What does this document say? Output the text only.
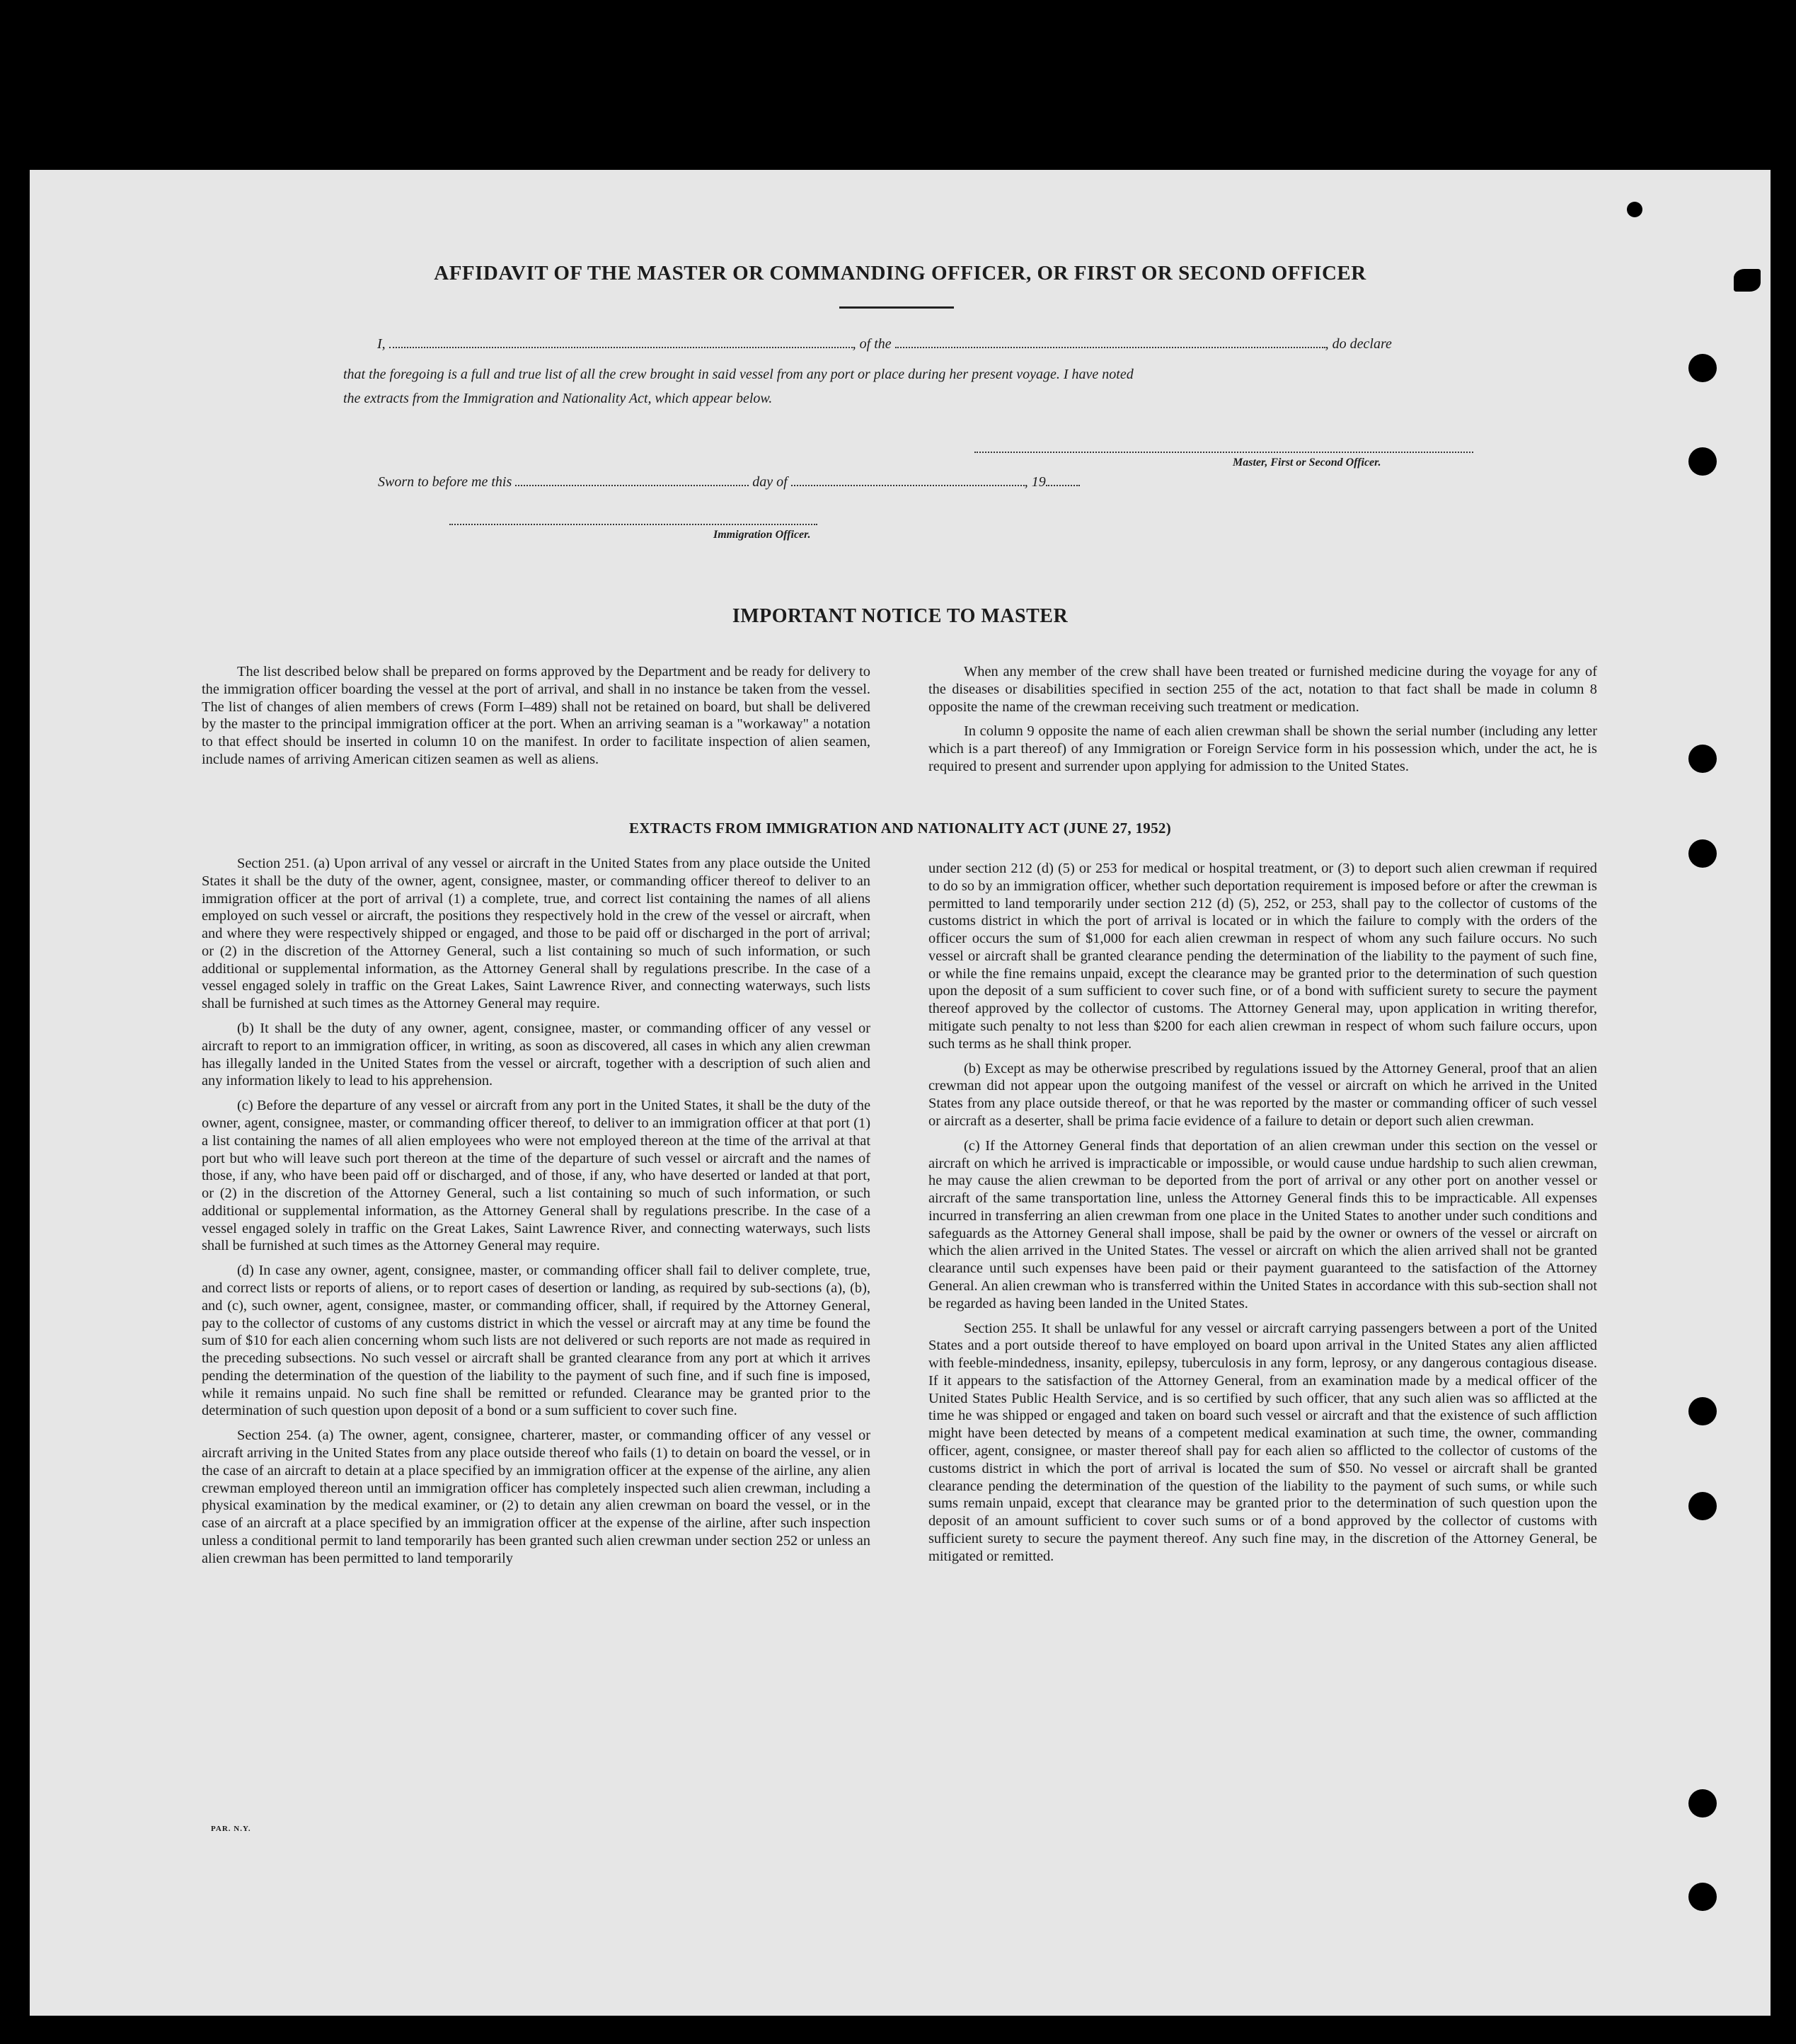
AFFIDAVIT OF THE MASTER OR COMMANDING OFFICER, OR FIRST OR SECOND OFFICER
I,	, of the	, do declare
that the foregoing is a full and true list of all the crew brought in said vessel from any port or place during her present voyage. I have noted
the extracts from the Immigration and Nationality Act, which appear below.
Master, First or Second Officer.
Sworn to before me this	day of	, 19
Immigration Officer.
IMPORTANT NOTICE TO MASTER

The list described below shall be prepared on forms approved by the Department and be ready for delivery to the immigration officer boarding the vessel at the port of arrival, and shall in no instance be taken from the vessel. The list of changes of alien members of crews (Form I–489) shall not be retained on board, but shall be delivered by the master to the principal immigration officer at the port. When an arriving seaman is a "workaway" a notation to that effect should be inserted in column 10 on the manifest. In order to facilitate inspection of alien seamen, include names of arriving American citizen seamen as well as aliens.

When any member of the crew shall have been treated or furnished medicine during the voyage for any of the diseases or disabilities specified in section 255 of the act, notation to that fact shall be made in column 8 opposite the name of the crewman receiving such treatment or medication.

In column 9 opposite the name of each alien crewman shall be shown the serial number (including any letter which is a part thereof) of any Immigration or Foreign Service form in his possession which, under the act, he is required to present and surrender upon applying for admission to the United States.

EXTRACTS FROM IMMIGRATION AND NATIONALITY ACT (JUNE 27, 1952)

Section 251. (a) Upon arrival of any vessel or aircraft in the United States from any place outside the United States it shall be the duty of the owner, agent, consignee, master, or commanding officer thereof to deliver to an immigration officer at the port of arrival (1) a complete, true, and correct list containing the names of all aliens employed on such vessel or aircraft, the positions they respectively hold in the crew of the vessel or aircraft, when and where they were respectively shipped or engaged, and those to be paid off or discharged in the port of arrival; or (2) in the discretion of the Attorney General, such a list containing so much of such information, or such additional or supplemental information, as the Attorney General shall by regulations prescribe. In the case of a vessel engaged solely in traffic on the Great Lakes, Saint Lawrence River, and connecting waterways, such lists shall be furnished at such times as the Attorney General may require.

(b) It shall be the duty of any owner, agent, consignee, master, or commanding officer of any vessel or aircraft to report to an immigration officer, in writing, as soon as discovered, all cases in which any alien crewman has illegally landed in the United States from the vessel or aircraft, together with a description of such alien and any information likely to lead to his apprehension.

(c) Before the departure of any vessel or aircraft from any port in the United States, it shall be the duty of the owner, agent, consignee, master, or commanding officer thereof, to deliver to an immigration officer at that port (1) a list containing the names of all alien employees who were not employed thereon at the time of the arrival at that port but who will leave such port thereon at the time of the departure of such vessel or aircraft and the names of those, if any, who have been paid off or discharged, and of those, if any, who have deserted or landed at that port, or (2) in the discretion of the Attorney General, such a list containing so much of such information, or such additional or supplemental information, as the Attorney General shall by regulations prescribe. In the case of a vessel engaged solely in traffic on the Great Lakes, Saint Lawrence River, and connecting waterways, such lists shall be furnished at such times as the Attorney General may require.

(d) In case any owner, agent, consignee, master, or commanding officer shall fail to deliver complete, true, and correct lists or reports of aliens, or to report cases of desertion or landing, as required by sub-sections (a), (b), and (c), such owner, agent, consignee, master, or commanding officer, shall, if required by the Attorney General, pay to the collector of customs of any customs district in which the vessel or aircraft may at any time be found the sum of $10 for each alien concerning whom such lists are not delivered or such reports are not made as required in the preceding subsections. No such vessel or aircraft shall be granted clearance from any port at which it arrives pending the determination of the question of the liability to the payment of such fine, and if such fine is imposed, while it remains unpaid. No such fine shall be remitted or refunded. Clearance may be granted prior to the determination of such question upon deposit of a bond or a sum sufficient to cover such fine.

Section 254. (a) The owner, agent, consignee, charterer, master, or commanding officer of any vessel or aircraft arriving in the United States from any place outside thereof who fails (1) to detain on board the vessel, or in the case of an aircraft to detain at a place specified by an immigration officer at the expense of the airline, any alien crewman employed thereon until an immigration officer has completely inspected such alien crewman, including a physical examination by the medical examiner, or (2) to detain any alien crewman on board the vessel, or in the case of an aircraft at a place specified by an immigration officer at the expense of the airline, after such inspection unless a conditional permit to land temporarily has been granted such alien crewman under section 252 or unless an alien crewman has been permitted to land temporarily

under section 212 (d) (5) or 253 for medical or hospital treatment, or (3) to deport such alien crewman if required to do so by an immigration officer, whether such deportation requirement is imposed before or after the crewman is permitted to land temporarily under section 212 (d) (5), 252, or 253, shall pay to the collector of customs of the customs district in which the port of arrival is located or in which the failure to comply with the orders of the officer occurs the sum of $1,000 for each alien crewman in respect of whom any such failure occurs. No such vessel or aircraft shall be granted clearance pending the determination of the liability to the payment of such fine, or while the fine remains unpaid, except the clearance may be granted prior to the determination of such question upon the deposit of a sum sufficient to cover such fine, or of a bond with sufficient surety to secure the payment thereof approved by the collector of customs. The Attorney General may, upon application in writing therefor, mitigate such penalty to not less than $200 for each alien crewman in respect of whom such failure occurs, upon such terms as he shall think proper.

(b) Except as may be otherwise prescribed by regulations issued by the Attorney General, proof that an alien crewman did not appear upon the outgoing manifest of the vessel or aircraft on which he arrived in the United States from any place outside thereof, or that he was reported by the master or commanding officer of such vessel or aircraft as a deserter, shall be prima facie evidence of a failure to detain or deport such alien crewman.

(c) If the Attorney General finds that deportation of an alien crewman under this section on the vessel or aircraft on which he arrived is impracticable or impossible, or would cause undue hardship to such alien crewman, he may cause the alien crewman to be deported from the port of arrival or any other port on another vessel or aircraft of the same transportation line, unless the Attorney General finds this to be impracticable. All expenses incurred in transferring an alien crewman from one place in the United States to another under such conditions and safeguards as the Attorney General shall impose, shall be paid by the owner or owners of the vessel or aircraft on which the alien arrived in the United States. The vessel or aircraft on which the alien arrived shall not be granted clearance until such expenses have been paid or their payment guaranteed to the satisfaction of the Attorney General. An alien crewman who is transferred within the United States in accordance with this sub-section shall not be regarded as having been landed in the United States.

Section 255. It shall be unlawful for any vessel or aircraft carrying passengers between a port of the United States and a port outside thereof to have employed on board upon arrival in the United States any alien afflicted with feeble-mindedness, insanity, epilepsy, tuberculosis in any form, leprosy, or any dangerous contagious disease. If it appears to the satisfaction of the Attorney General, from an examination made by a medical officer of the United States Public Health Service, and is so certified by such officer, that any such alien was so afflicted at the time he was shipped or engaged and taken on board such vessel or aircraft and that the existence of such affliction might have been detected by means of a competent medical examination at such time, the owner, commanding officer, agent, consignee, or master thereof shall pay for each alien so afflicted to the collector of customs of the customs district in which the port of arrival is located the sum of $50. No vessel or aircraft shall be granted clearance pending the determination of the question of the liability to the payment of such sums, or while such sums remain unpaid, except that clearance may be granted prior to the determination of such question upon the deposit of an amount sufficient to cover such sums or of a bond approved by the collector of customs with sufficient surety to secure the payment thereof. Any such fine may, in the discretion of the Attorney General, be mitigated or remitted.

PAR. N.Y.
